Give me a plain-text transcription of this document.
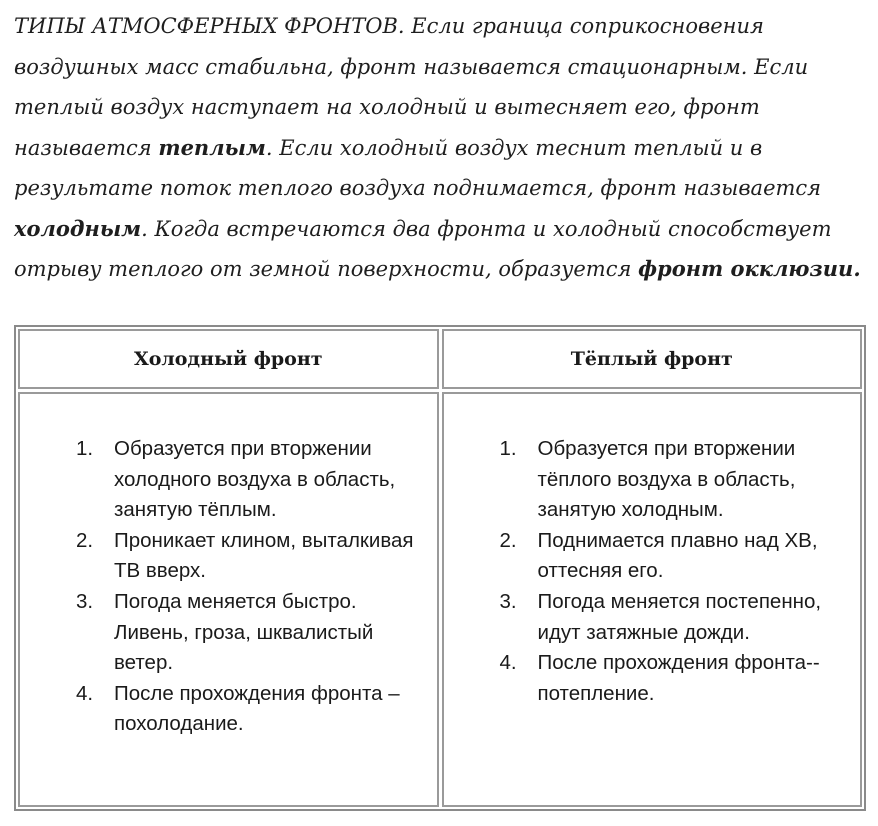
ТИПЫ АТМОСФЕРНЫХ ФРОНТОВ. Если граница соприкосновения воздушных масс стабильна, фронт называется стационарным. Если теплый воздух наступает на холодный и вытесняет его, фронт называется теплым. Если холодный воздух теснит теплый и в результате поток теплого воздуха поднимается, фронт называется холодным. Когда встречаются два фронта и холодный способствует отрыву теплого от земной поверхности, образуется фронт окклюзии.
Холодный фронт	Тёплый фронт
1.	Образуется при вторжении холодного воздуха в область, занятую тёплым.
2.	Проникает клином, выталкивая ТВ вверх.
3.	Погода меняется быстро. Ливень, гроза, шквалистый ветер.
4.	После прохождения фронта – похолодание.
1.	Образуется при вторжении тёплого воздуха в область, занятую холодным.
2.	Поднимается плавно над ХВ, оттесняя его.
3.	Погода меняется постепенно, идут затяжные дожди.
4.	После прохождения фронта-- потепление.
